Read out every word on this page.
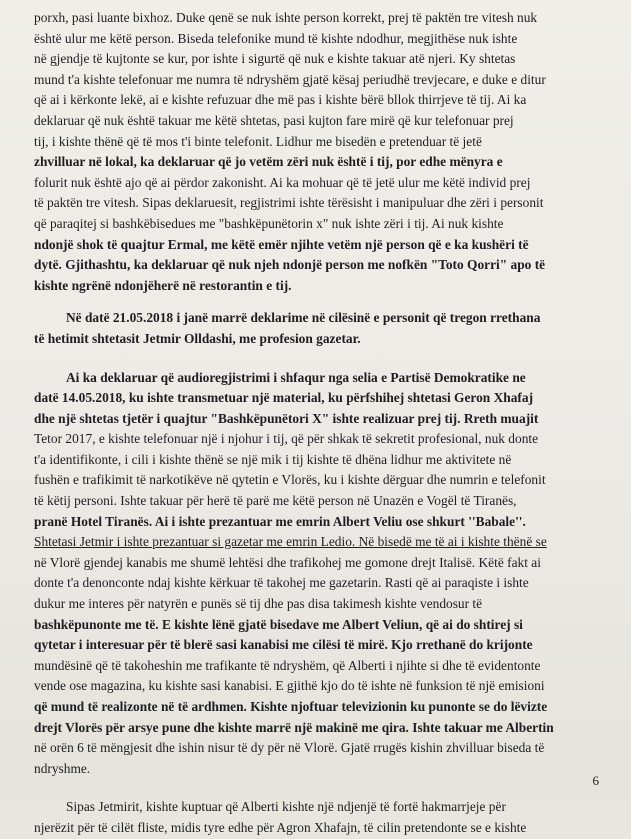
porxh, pasi luante bixhoz. Duke qenë se nuk ishte person korrekt, prej të paktën tre vitesh nuk
është ulur me këtë person. Biseda telefonike mund të kishte ndodhur, megjithëse nuk ishte
në gjendje të kujtonte se kur, por ishte i sigurtë që nuk e kishte takuar atë njeri. Ky shtetas
mund t'a kishte telefonuar me numra të ndryshëm gjatë kësaj periudhë trevjecare, e duke e ditur
që ai i kërkonte lekë, ai e kishte refuzuar dhe më pas i kishte bërë bllok thirrjeve të tij. Ai ka
deklaruar që nuk është takuar me këtë shtetas, pasi kujton fare mirë që kur telefonuar prej
tij, i kishte thënë që të mos t'i binte telefonit. Lidhur me bisedën e pretenduar të jetë
zhvilluar në lokal, ka deklaruar që jo vetëm zëri nuk është i tij, por edhe mënyra e
folurit nuk është ajo që ai përdor zakonisht. Ai ka mohuar që të jetë ulur me këtë individ prej
të paktën tre vitesh. Sipas deklaruesit, regjistrimi ishte tërësisht i manipuluar dhe zëri i personit
që paraqitej si bashkëbisedues me "bashkëpunëtorin x" nuk ishte zëri i tij. Ai nuk kishte
ndonjë shok të quajtur Ermal, me këtë emër njihte vetëm një person që e ka kushëri të
dytë. Gjithashtu, ka deklaruar që nuk njeh ndonjë person me nofkën "Toto Qorri" apo të
kishte ngrënë ndonjëherë në restorantin e tij.

Në datë 21.05.2018 i janë marrë deklarime në cilësinë e personit që tregon rrethana
të hetimit shtetasit Jetmir Olldashi, me profesion gazetar.

Ai ka deklaruar që audioregjistrimi i shfaqur nga selia e Partisë Demokratike ne
datë 14.05.2018, ku ishte transmetuar një material, ku përfshihej shtetasi Geron Xhafaj
dhe një shtetas tjetër i quajtur "Bashkëpunëtori X" ishte realizuar prej tij. Rreth muajit
Tetor 2017, e kishte telefonuar një i njohur i tij, që për shkak të sekretit profesional, nuk donte
t'a identifikonte, i cili i kishte thënë se një mik i tij kishte të dhëna lidhur me aktivitete në
fushën e trafikimit të narkotikëve në qytetin e Vlorës, ku i kishte dërguar dhe numrin e telefonit
të këtij personi. Ishte takuar për herë të parë me këtë person në Unazën e Vogël të Tiranës,
pranë Hotel Tiranës. Ai i ishte prezantuar me emrin Albert Veliu ose shkurt ''Babale''.
Shtetasi Jetmir i ishte prezantuar si gazetar me emrin Ledio. Në bisedë me të ai i kishte thënë se
në Vlorë gjendej kanabis me shumë lehtësi dhe trafikohej me gomone drejt Italisë. Këtë fakt ai
donte t'a denonconte ndaj kishte kërkuar të takohej me gazetarin. Rasti që ai paraqiste i ishte
dukur me interes për natyrën e punës së tij dhe pas disa takimesh kishte vendosur të
bashkëpunonte me të. E kishte lënë gjatë bisedave me Albert Veliun, që ai do shtirej si
qytetar i interesuar për të blerë sasi kanabisi me cilësi të mirë. Kjo rrethanë do krijonte
mundësinë që të takoheshin me trafikante të ndryshëm, që Alberti i njihte si dhe të evidentonte
vende ose magazina, ku kishte sasi kanabisi. E gjithë kjo do të ishte në funksion të një emisioni
që mund të realizonte në të ardhmen. Kishte njoftuar televizionin ku punonte se do lëvizte
drejt Vlorës për arsye pune dhe kishte marrë një makinë me qira. Ishte takuar me Albertin
në orën 6 të mëngjesit dhe ishin nisur të dy për në Vlorë. Gjatë rrugës kishin zhvilluar biseda të
ndryshme.

Sipas Jetmirit, kishte kuptuar që Alberti kishte një ndjenjë të fortë hakmarrjeje për
njerëzit për të cilët fliste, midis tyre edhe për Agron Xhafajn, të cilin pretendonte se e kishte

6
